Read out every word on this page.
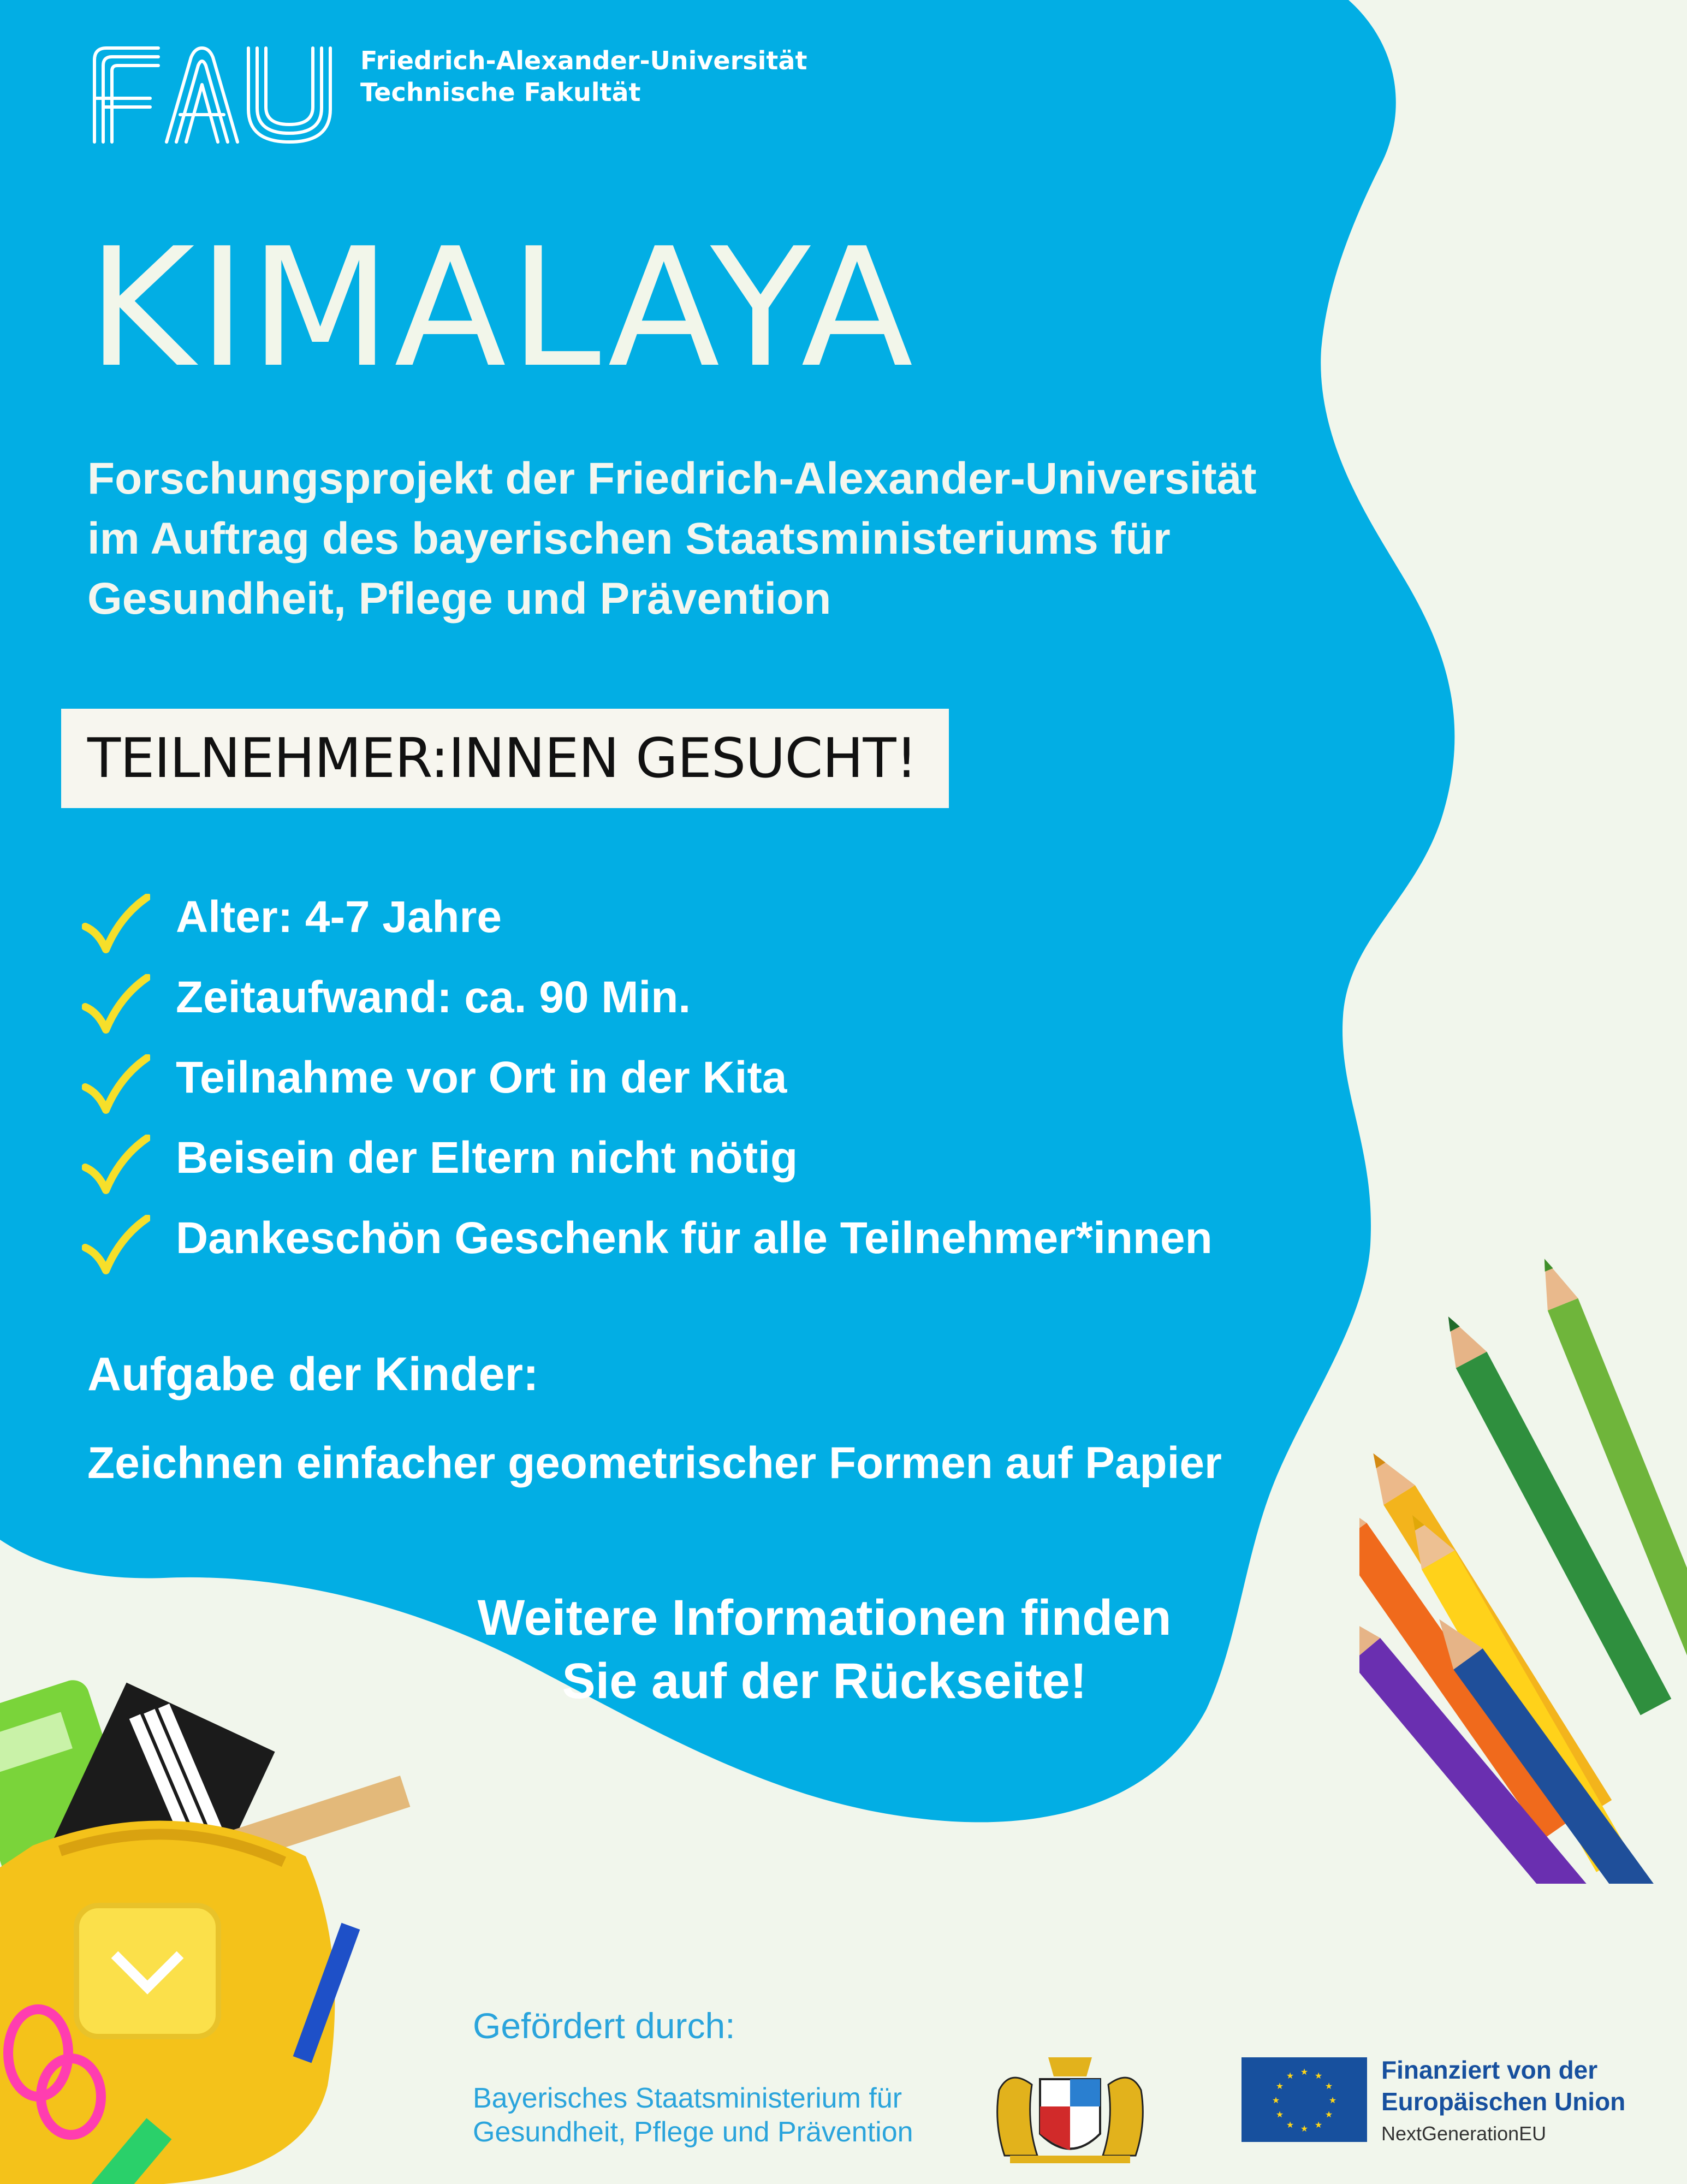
Friedrich-Alexander-Universität
Technische Fakultät
KIMALAYA
Forschungsprojekt der Friedrich-Alexander-Universität
im Auftrag des bayerischen Staatsministeriums für
Gesundheit, Pflege und Prävention
TEILNEHMER:INNEN GESUCHT!
Alter: 4-7 Jahre
Zeitaufwand: ca. 90 Min.
Teilnahme vor Ort in der Kita
Beisein der Eltern nicht nötig
Dankeschön Geschenk für alle Teilnehmer*innen
Aufgabe der Kinder:
Zeichnen einfacher geometrischer Formen auf Papier
Weitere Informationen finden
Sie auf der Rückseite!
Gefördert durch:
Bayerisches Staatsministerium für
Gesundheit, Pflege und Prävention
★ ★
★
★
★
★
★
★
★
★
★
★	Finanziert von der
Europäischen Union
NextGenerationEU
